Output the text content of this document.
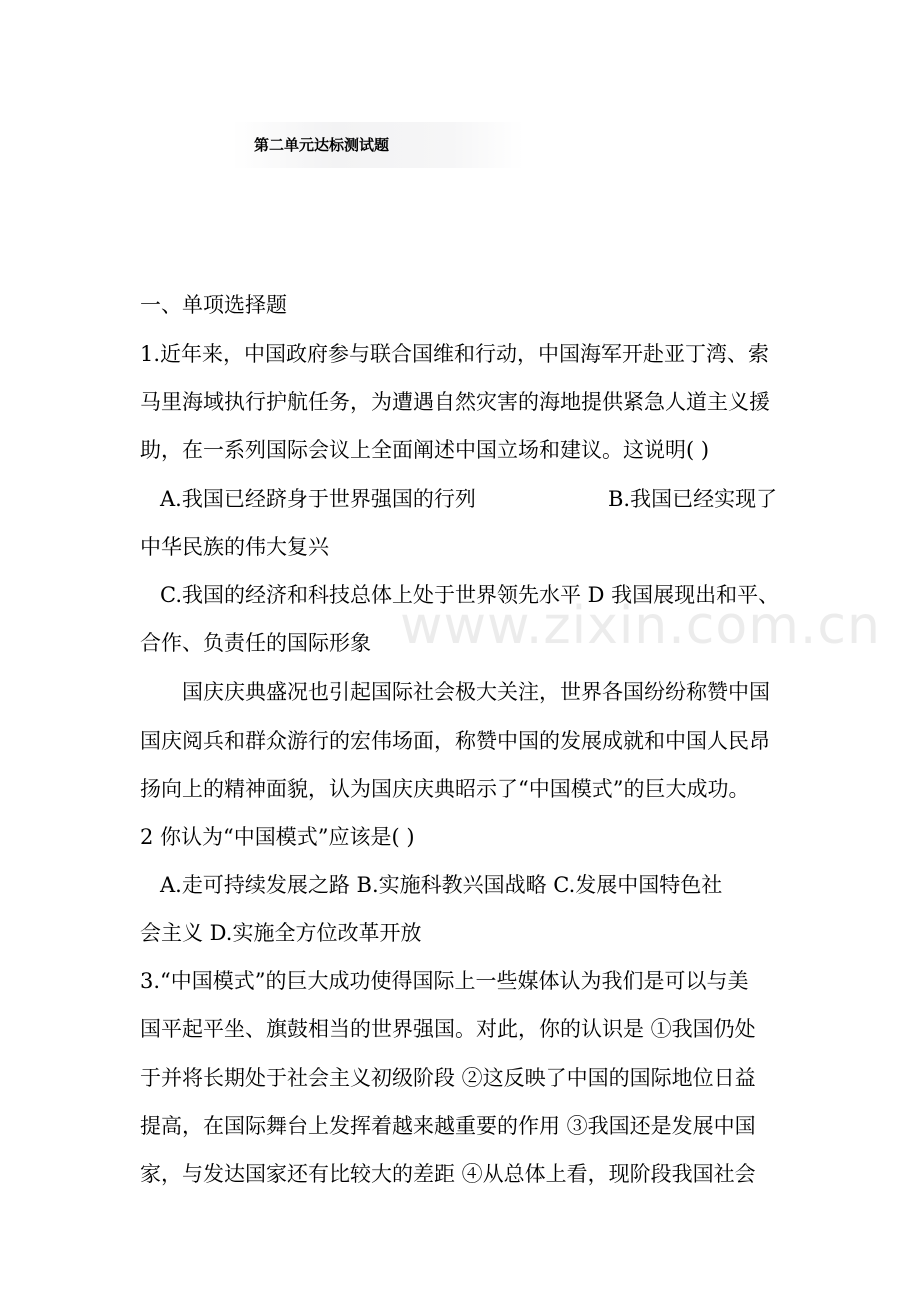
第二单元达标测试题
www.zixin.com.cn
一、单项选择题
1.近年来，中国政府参与联合国维和行动，中国海军开赴亚丁湾、索
马里海域执行护航任务，为遭遇自然灾害的海地提供紧急人道主义援
助，在一系列国际会议上全面阐述中国立场和建议。这说明( )
A.我国已经跻身于世界强国的行列	B.我国已经实现了
中华民族的伟大复兴
C.我国的经济和科技总体上处于世界领先水平 D 我国展现出和平、
合作、负责任的国际形象
国庆庆典盛况也引起国际社会极大关注，世界各国纷纷称赞中国
国庆阅兵和群众游行的宏伟场面，称赞中国的发展成就和中国人民昂
扬向上的精神面貌，认为国庆庆典昭示了“中国模式”的巨大成功。
2 你认为“中国模式”应该是( )
A.走可持续发展之路 B.实施科教兴国战略 C.发展中国特色社
会主义 D.实施全方位改革开放
3.“中国模式”的巨大成功使得国际上一些媒体认为我们是可以与美
国平起平坐、旗鼓相当的世界强国。对此，你的认识是 ①我国仍处
于并将长期处于社会主义初级阶段 ②这反映了中国的国际地位日益
提高，在国际舞台上发挥着越来越重要的作用 ③我国还是发展中国
家，与发达国家还有比较大的差距 ④从总体上看，现阶段我国社会
